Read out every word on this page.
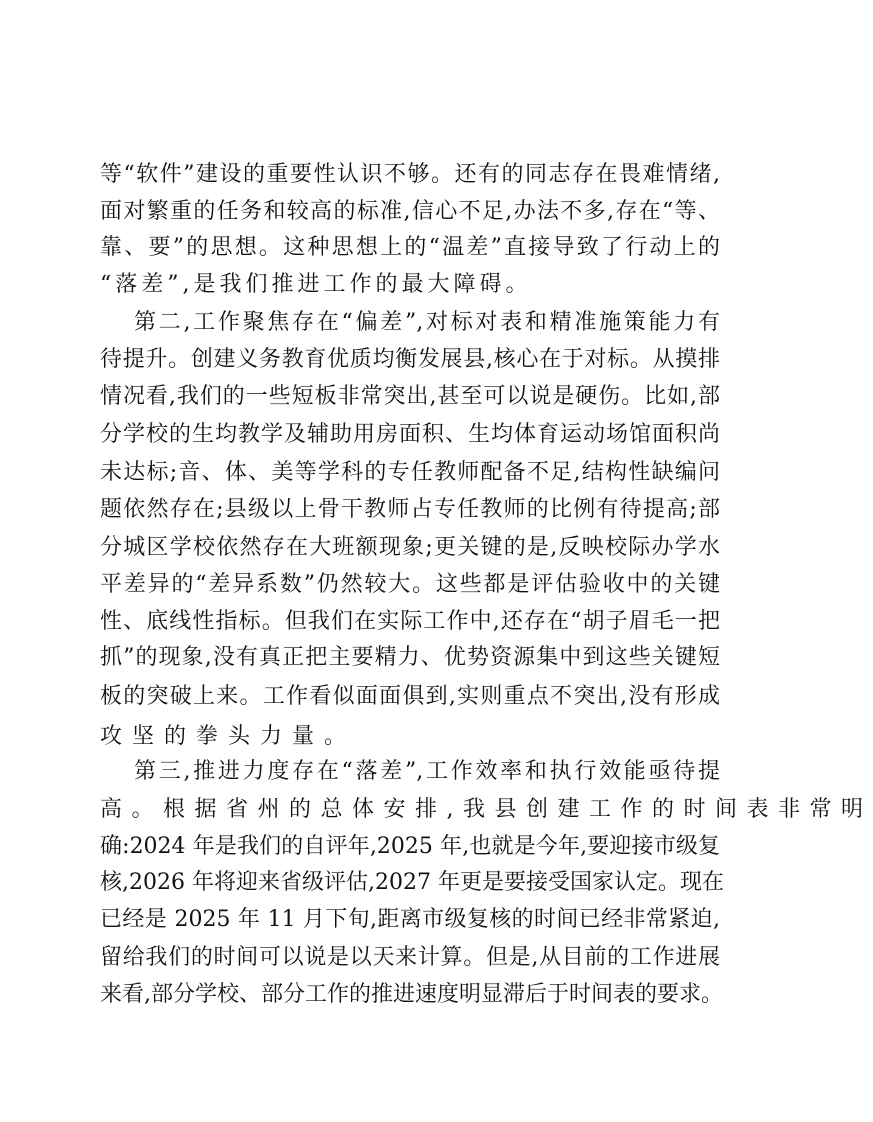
等“软件”建设的重要性认识不够。还有的同志存在畏难情绪,
面对繁重的任务和较高的标准,信心不足,办法不多,存在“等、
靠、要”的思想。这种思想上的“温差”直接导致了行动上的
“落差”,是我们推进工作的最大障碍。
第二,工作聚焦存在“偏差”,对标对表和精准施策能力有
待提升。创建义务教育优质均衡发展县,核心在于对标。从摸排
情况看,我们的一些短板非常突出,甚至可以说是硬伤。比如,部
分学校的生均教学及辅助用房面积、生均体育运动场馆面积尚
未达标;音、体、美等学科的专任教师配备不足,结构性缺编问
题依然存在;县级以上骨干教师占专任教师的比例有待提高;部
分城区学校依然存在大班额现象;更关键的是,反映校际办学水
平差异的“差异系数”仍然较大。这些都是评估验收中的关键
性、底线性指标。但我们在实际工作中,还存在“胡子眉毛一把
抓”的现象,没有真正把主要精力、优势资源集中到这些关键短
板的突破上来。工作看似面面俱到,实则重点不突出,没有形成
攻坚的拳头力量。
第三,推进力度存在“落差”,工作效率和执行效能亟待提
高。根据省州的总体安排,我县创建工作的时间表非常明
确:2024 年是我们的自评年,2025 年,也就是今年,要迎接市级复
核,2026 年将迎来省级评估,2027 年更是要接受国家认定。现在
已经是 2025 年 11 月下旬,距离市级复核的时间已经非常紧迫,
留给我们的时间可以说是以天来计算。但是,从目前的工作进展
来看,部分学校、部分工作的推进速度明显滞后于时间表的要求。
